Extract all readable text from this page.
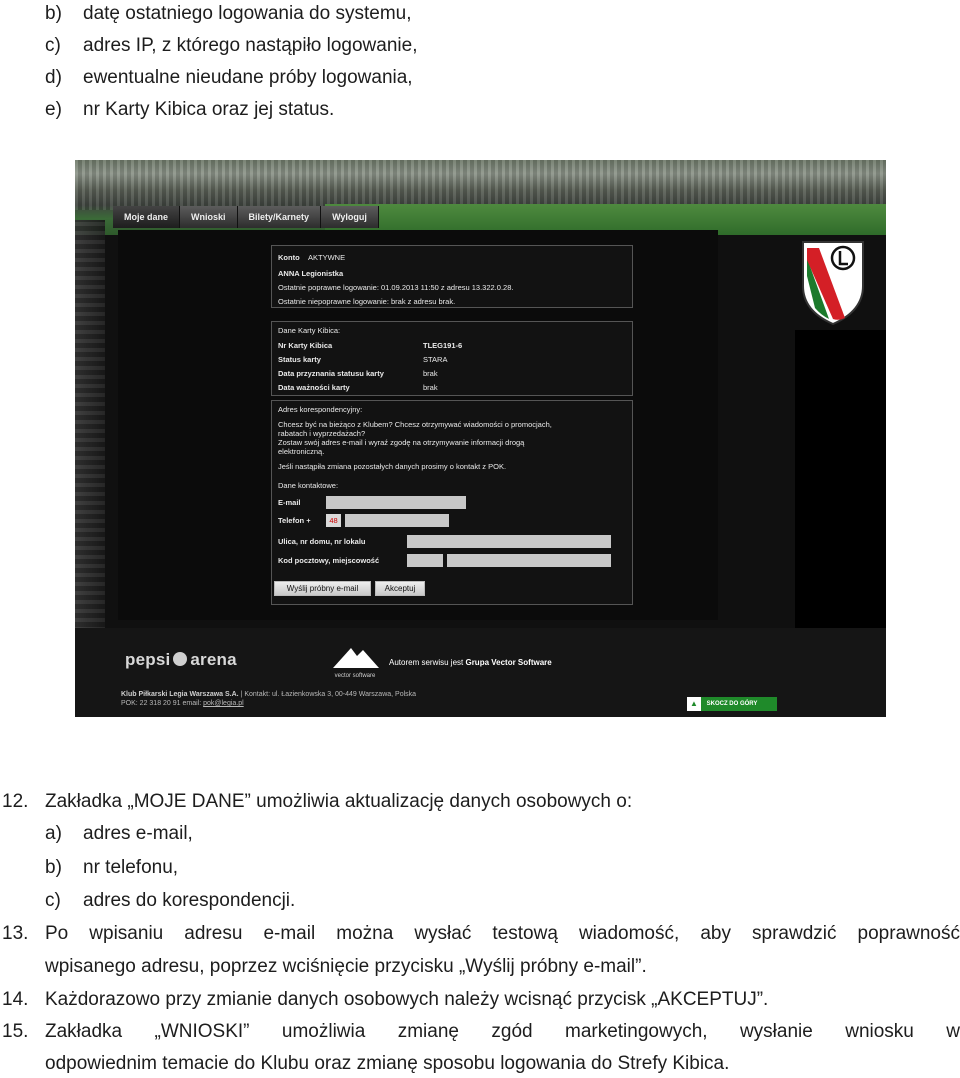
b) datę ostatniego logowania do systemu,
c) adres IP, z którego nastąpiło logowanie,
d) ewentualne nieudane próby logowania,
e) nr Karty Kibica oraz jej status.
Moje dane	Wnioski	Bilety/Karnety	Wyloguj
Konto AKTYWNE
ANNA Legionistka
Ostatnie poprawne logowanie: 01.09.2013 11:50 z adresu 13.322.0.28.
Ostatnie niepoprawne logowanie: brak z adresu brak.
Dane Karty Kibica:
Nr Karty Kibica	TLEG191-6
Status karty	STARA
Data przyznania statusu karty	brak
Data ważności karty	brak
Adres korespondencyjny:
Chcesz być na bieżąco z Klubem? Chcesz otrzymywać wiadomości o promocjach,
rabatach i wyprzedażach?
Zostaw swój adres e-mail i wyraź zgodę na otrzymywanie informacji drogą
elektroniczną.
Jeśli nastąpiła zmiana pozostałych danych prosimy o kontakt z POK.
Dane kontaktowe:
E-mail
Telefon +	48
Ulica, nr domu, nr lokalu
Kod pocztowy, miejscowość
Wyślij próbny e-mail	Akceptuj
pepsi arena
vector software
Autorem serwisu jest Grupa Vector Software
Klub Piłkarski Legia Warszawa S.A. | Kontakt: ul. Łazienkowska 3, 00-449 Warszawa, Polska
POK: 22 318 20 91 email: pok@legia.pl	SKOCZ DO GÓRY
▲
12. Zakładka „MOJE DANE” umożliwia aktualizację danych osobowych o:
a) adres e-mail,
b) nr telefonu,
c) adres do korespondencji.
13. Po wpisaniu adresu e-mail można wysłać testową wiadomość, aby sprawdzić poprawność
wpisanego adresu, poprzez wciśnięcie przycisku „Wyślij próbny e-mail”.
14. Każdorazowo przy zmianie danych osobowych należy wcisnąć przycisk „AKCEPTUJ”.
15. Zakładka „WNIOSKI” umożliwia zmianę zgód marketingowych, wysłanie wniosku w
odpowiednim temacie do Klubu oraz zmianę sposobu logowania do Strefy Kibica.
